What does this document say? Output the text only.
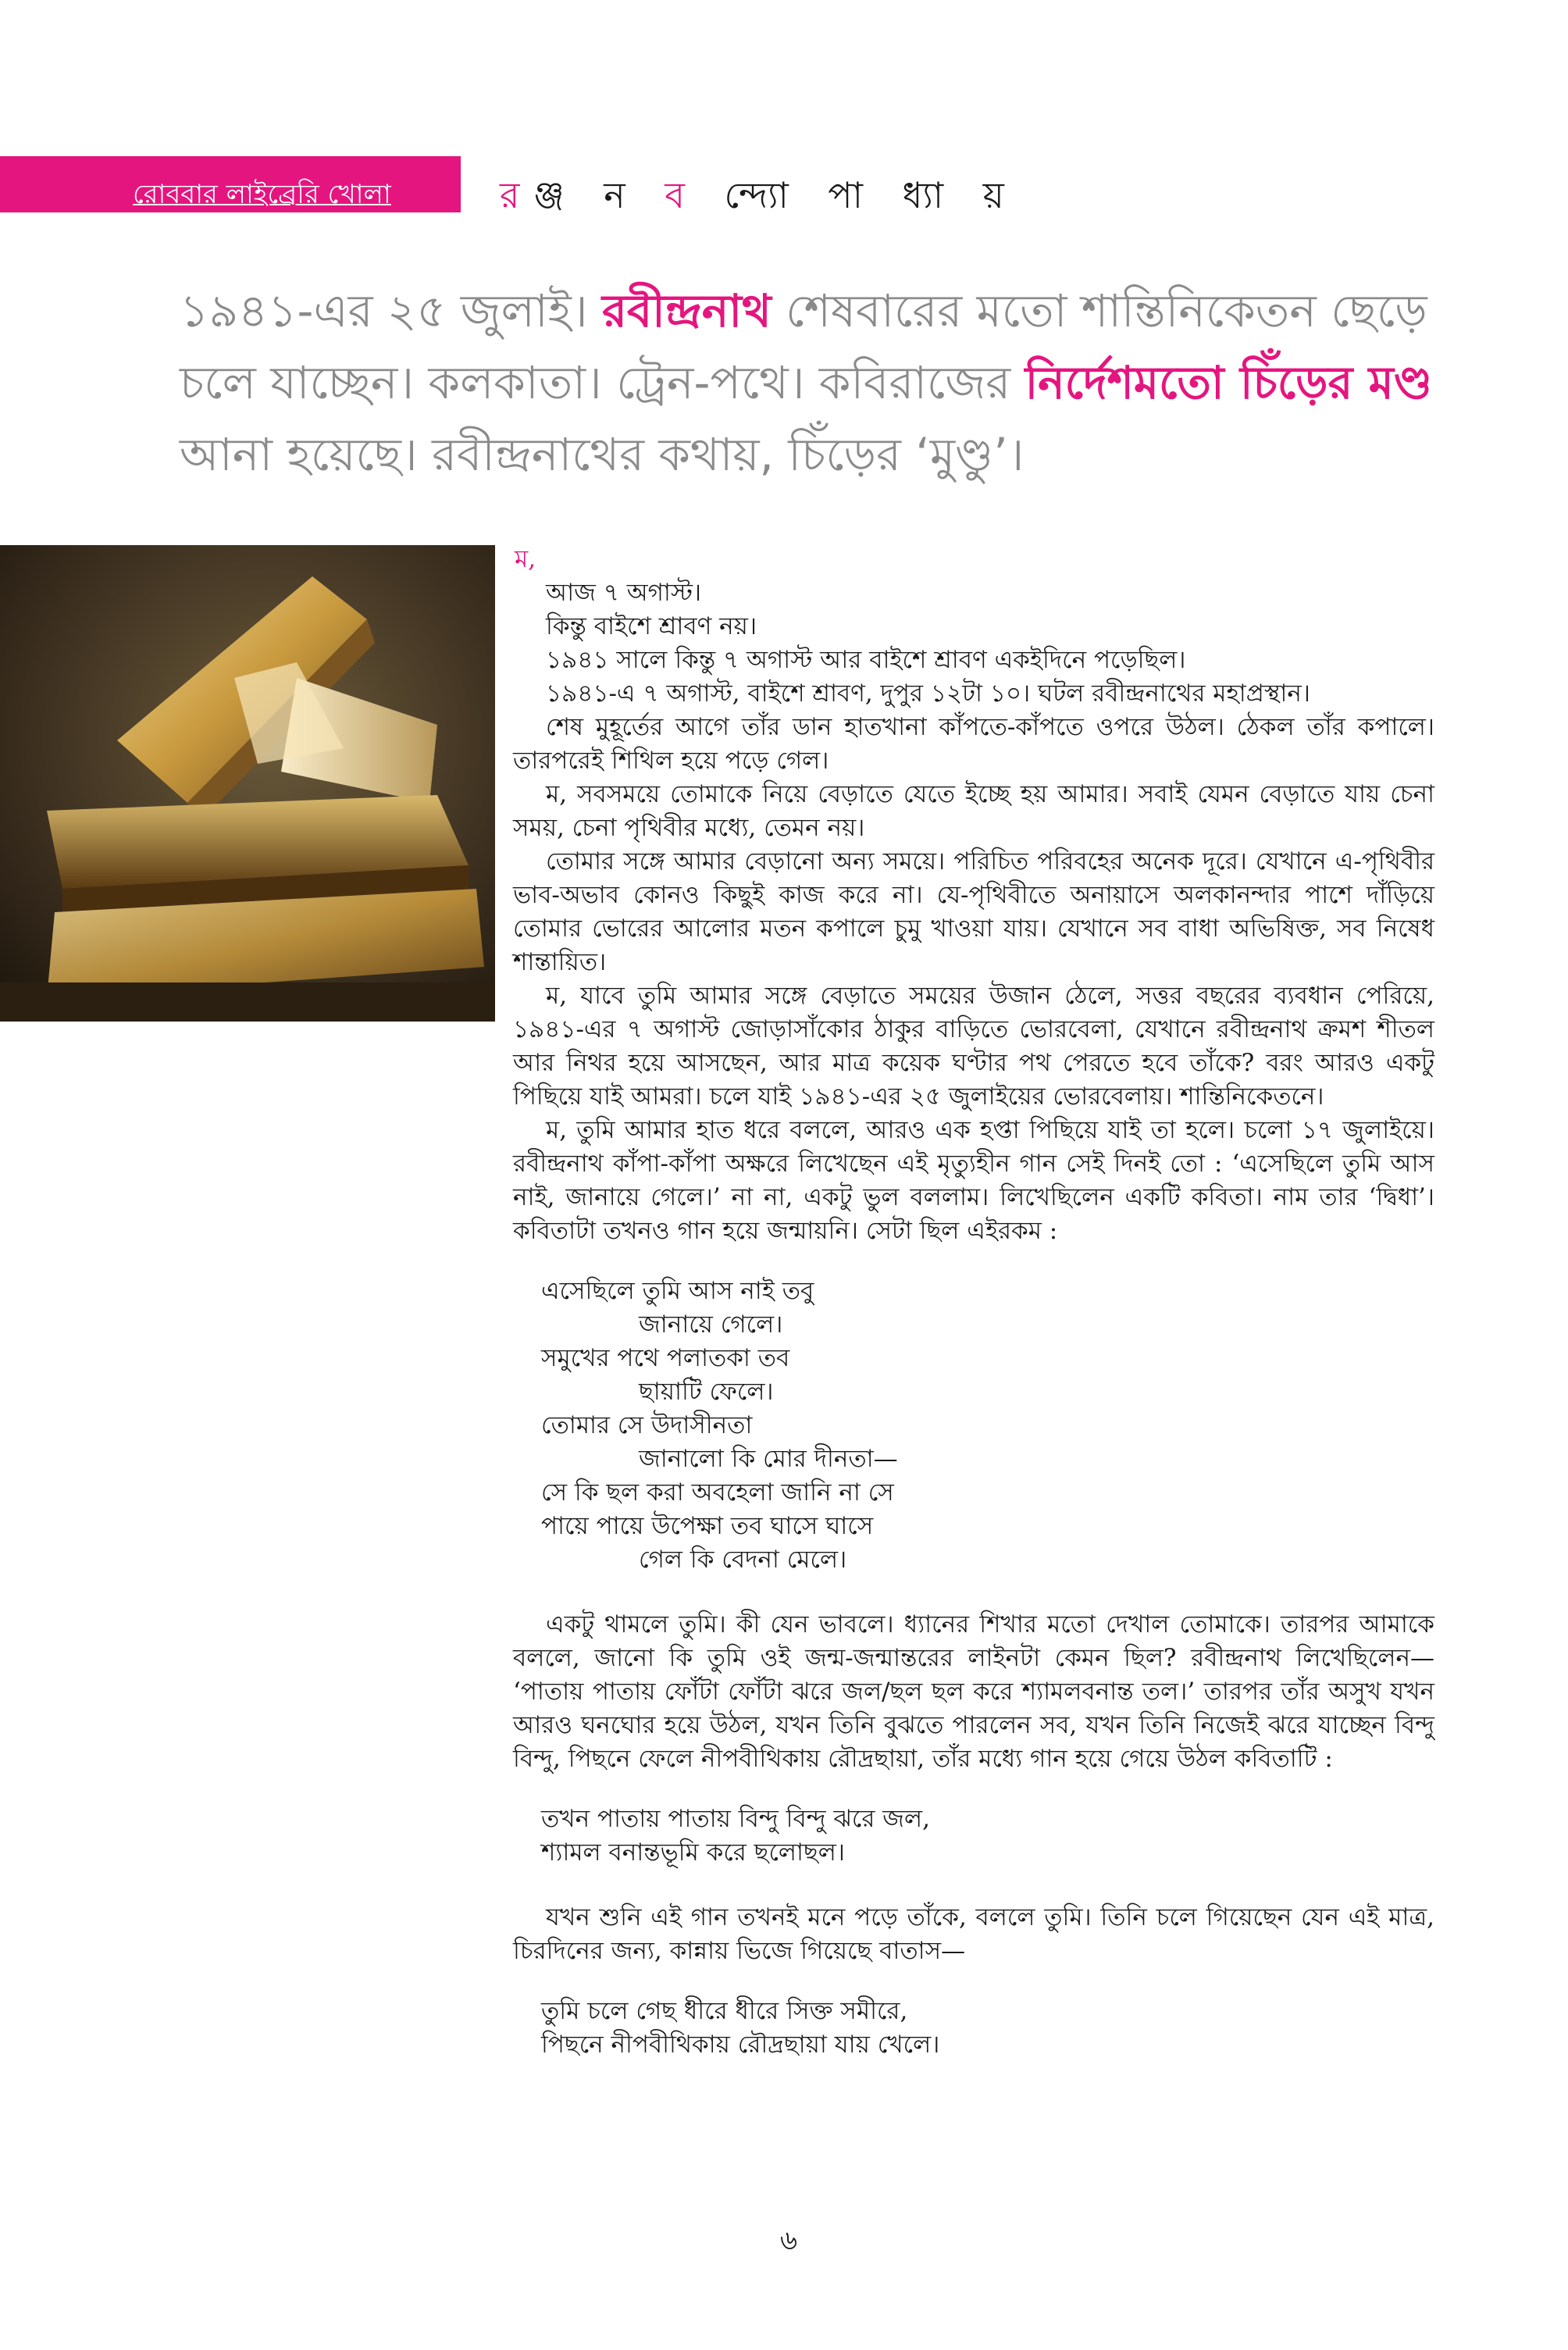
রোববার লাইব্রেরি খোলা	রঞ্জ ন ব ন্দ্যো পা ধ্যা য়
১৯৪১-এর ২৫ জুলাই। রবীন্দ্রনাথ শেষবারের মতো শান্তিনিকেতন ছেড়ে চলে যাচ্ছেন। কলকাতা। ট্রেন-পথে। কবিরাজের নির্দেশমতো চিঁড়ের মণ্ড আনা হয়েছে। রবীন্দ্রনাথের কথায়, চিঁড়ের ‘মুণ্ডু’।

ম,

আজ ৭ অগাস্ট।

কিন্তু বাইশে শ্রাবণ নয়।

১৯৪১ সালে কিন্তু ৭ অগাস্ট আর বাইশে শ্রাবণ একইদিনে পড়েছিল।

১৯৪১-এ ৭ অগাস্ট, বাইশে শ্রাবণ, দুপুর ১২টা ১০। ঘটল রবীন্দ্রনাথের মহাপ্রস্থান।

শেষ মুহূর্তের আগে তাঁর ডান হাতখানা কাঁপতে-কাঁপতে ওপরে উঠল। ঠেকল তাঁর কপালে। তারপরেই শিথিল হয়ে পড়ে গেল।

ম, সবসময়ে তোমাকে নিয়ে বেড়াতে যেতে ইচ্ছে হয় আমার। সবাই যেমন বেড়াতে যায় চেনা সময়, চেনা পৃথিবীর মধ্যে, তেমন নয়।

তোমার সঙ্গে আমার বেড়ানো অন্য সময়ে। পরিচিত পরিবহের অনেক দূরে। যেখানে এ-পৃথিবীর ভাব-অভাব কোনও কিছুই কাজ করে না। যে-পৃথিবীতে অনায়াসে অলকানন্দার পাশে দাঁড়িয়ে তোমার ভোরের আলোর মতন কপালে চুমু খাওয়া যায়। যেখানে সব বাধা অভিষিক্ত, সব নিষেধ শান্তায়িত।

ম, যাবে তুমি আমার সঙ্গে বেড়াতে সময়ের উজান ঠেলে, সত্তর বছরের ব্যবধান পেরিয়ে, ১৯৪১-এর ৭ অগাস্ট জোড়াসাঁকোর ঠাকুর বাড়িতে ভোরবেলা, যেখানে রবীন্দ্রনাথ ক্রমশ শীতল আর নিথর হয়ে আসছেন, আর মাত্র কয়েক ঘণ্টার পথ পেরতে হবে তাঁকে? বরং আরও একটু পিছিয়ে যাই আমরা। চলে যাই ১৯৪১-এর ২৫ জুলাইয়ের ভোরবেলায়। শান্তিনিকেতনে।

ম, তুমি আমার হাত ধরে বললে, আরও এক হপ্তা পিছিয়ে যাই তা হলে। চলো ১৭ জুলাইয়ে। রবীন্দ্রনাথ কাঁপা-কাঁপা অক্ষরে লিখেছেন এই মৃত্যুহীন গান সেই দিনই তো : ‘এসেছিলে তুমি আস নাই, জানায়ে গেলে।’ না না, একটু ভুল বললাম। লিখেছিলেন একটি কবিতা। নাম তার ‘দ্বিধা’। কবিতাটা তখনও গান হয়ে জন্মায়নি। সেটা ছিল এইরকম :

এসেছিলে তুমি আস নাই তবু

জানায়ে গেলে।

সমুখের পথে পলাতকা তব

ছায়াটি ফেলে।

তোমার সে উদাসীনতা

জানালো কি মোর দীনতা—

সে কি ছল করা অবহেলা জানি না সে

পায়ে পায়ে উপেক্ষা তব ঘাসে ঘাসে

গেল কি বেদনা মেলে।

একটু থামলে তুমি। কী যেন ভাবলে। ধ্যানের শিখার মতো দেখাল তোমাকে। তারপর আমাকে বললে, জানো কি তুমি ওই জন্ম-জন্মান্তরের লাইনটা কেমন ছিল? রবীন্দ্রনাথ লিখেছিলেন— ‘পাতায় পাতায় ফোঁটা ফোঁটা ঝরে জল/ছল ছল করে শ্যামলবনান্ত তল।’ তারপর তাঁর অসুখ যখন আরও ঘনঘোর হয়ে উঠল, যখন তিনি বুঝতে পারলেন সব, যখন তিনি নিজেই ঝরে যাচ্ছেন বিন্দু বিন্দু, পিছনে ফেলে নীপবীথিকায় রৌদ্রছায়া, তাঁর মধ্যে গান হয়ে গেয়ে উঠল কবিতাটি :

তখন পাতায় পাতায় বিন্দু বিন্দু ঝরে জল,

শ্যামল বনান্তভূমি করে ছলোছল।

যখন শুনি এই গান তখনই মনে পড়ে তাঁকে, বললে তুমি। তিনি চলে গিয়েছেন যেন এই মাত্র, চিরদিনের জন্য, কান্নায় ভিজে গিয়েছে বাতাস—

তুমি চলে গেছ ধীরে ধীরে সিক্ত সমীরে,

পিছনে নীপবীথিকায় রৌদ্রছায়া যায় খেলে।

৬
